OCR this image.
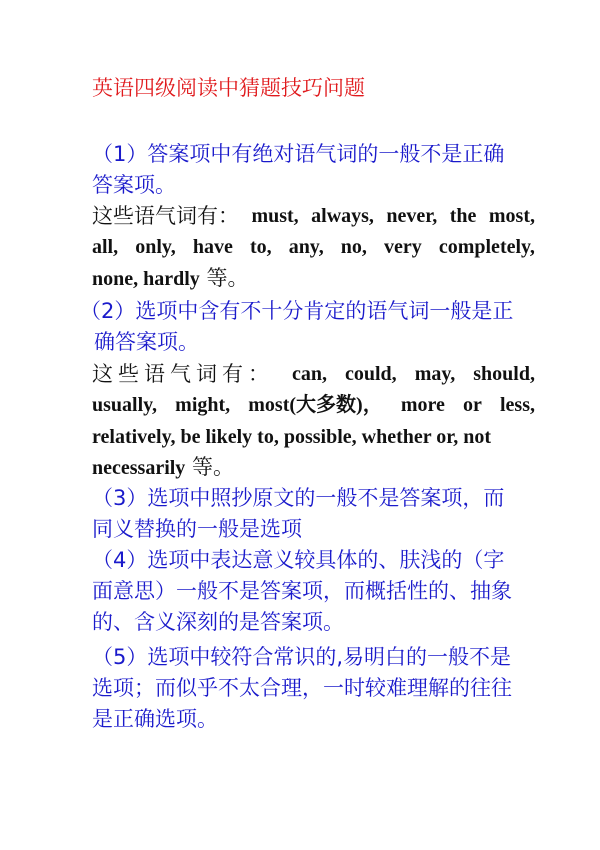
英语四级阅读中猜题技巧问题
（1）答案项中有绝对语气词的一般不是正确
答案项。
这些语气词有： must, always, never, the most,
all, only, have to, any, no, very completely,
none, hardly 等。
（2）选项中含有不十分肯定的语气词一般是正
确答案项。
这些语气词有： can, could, may, should,
usually, might, most(大多数)， more or less,
relatively, be likely to, possible, whether or, not
necessarily 等。
（3）选项中照抄原文的一般不是答案项，而
同义替换的一般是选项
（4）选项中表达意义较具体的、肤浅的（字
面意思）一般不是答案项，而概括性的、抽象
的、含义深刻的是答案项。
（5）选项中较符合常识的,易明白的一般不是
选项；而似乎不太合理，一时较难理解的往往
是正确选项。
